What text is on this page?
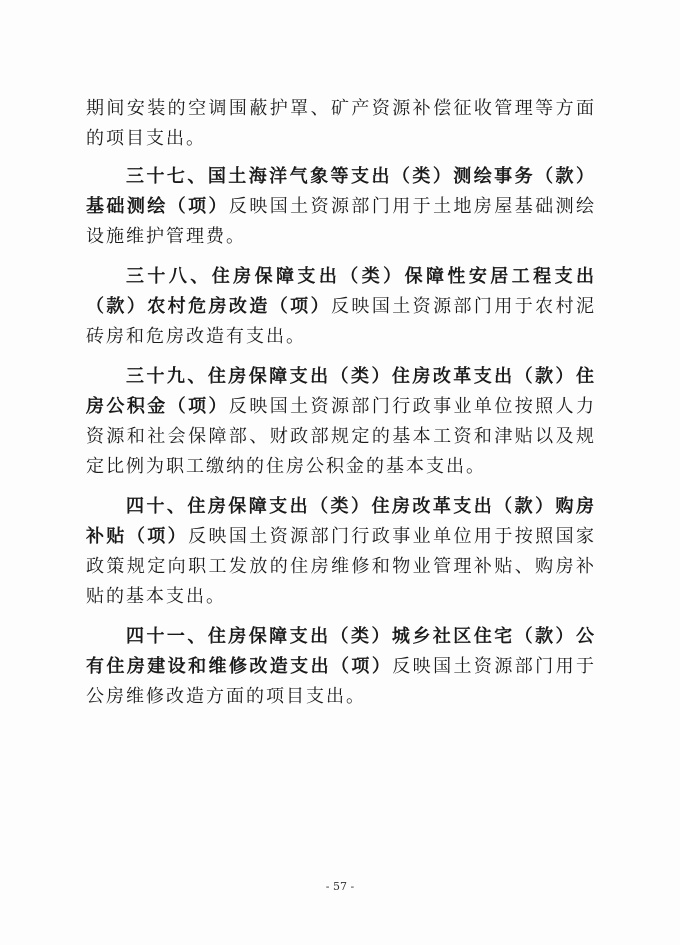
期间安装的空调围蔽护罩、矿产资源补偿征收管理等方面的项目支出。

三十七、国土海洋气象等支出（类）测绘事务（款）基础测绘（项）反映国土资源部门用于土地房屋基础测绘设施维护管理费。

三十八、住房保障支出（类）保障性安居工程支出（款）农村危房改造（项）反映国土资源部门用于农村泥砖房和危房改造有支出。

三十九、住房保障支出（类）住房改革支出（款）住房公积金（项）反映国土资源部门行政事业单位按照人力资源和社会保障部、财政部规定的基本工资和津贴以及规定比例为职工缴纳的住房公积金的基本支出。

四十、住房保障支出（类）住房改革支出（款）购房补贴（项）反映国土资源部门行政事业单位用于按照国家政策规定向职工发放的住房维修和物业管理补贴、购房补贴的基本支出。

四十一、住房保障支出（类）城乡社区住宅（款）公有住房建设和维修改造支出（项）反映国土资源部门用于公房维修改造方面的项目支出。

- 57 -
